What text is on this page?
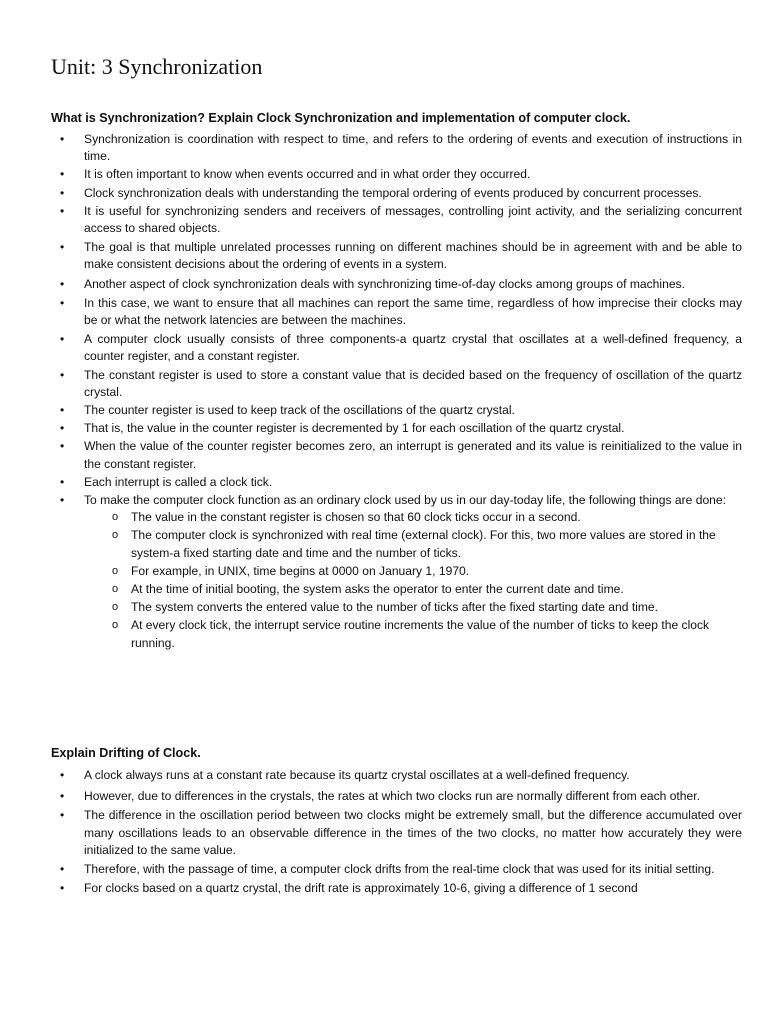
Unit: 3 Synchronization
What is Synchronization? Explain Clock Synchronization and implementation of computer clock.
• Synchronization is coordination with respect to time, and refers to the ordering of events and execution of instructions in time.
• It is often important to know when events occurred and in what order they occurred.
• Clock synchronization deals with understanding the temporal ordering of events produced by concurrent processes.
• It is useful for synchronizing senders and receivers of messages, controlling joint activity, and the serializing concurrent access to shared objects.
• The goal is that multiple unrelated processes running on different machines should be in agreement with and be able to make consistent decisions about the ordering of events in a system.
• Another aspect of clock synchronization deals with synchronizing time-of-day clocks among groups of machines.
• In this case, we want to ensure that all machines can report the same time, regardless of how imprecise their clocks may be or what the network latencies are between the machines.
• A computer clock usually consists of three components-a quartz crystal that oscillates at a well-defined frequency, a counter register, and a constant register.
• The constant register is used to store a constant value that is decided based on the frequency of oscillation of the quartz crystal.
• The counter register is used to keep track of the oscillations of the quartz crystal.
• That is, the value in the counter register is decremented by 1 for each oscillation of the quartz crystal.
• When the value of the counter register becomes zero, an interrupt is generated and its value is reinitialized to the value in the constant register.
• Each interrupt is called a clock tick.
• To make the computer clock function as an ordinary clock used by us in our day-today life, the following things are done:
o The value in the constant register is chosen so that 60 clock ticks occur in a second.
o The computer clock is synchronized with real time (external clock). For this, two more values are stored in the system-a fixed starting date and time and the number of ticks.
o For example, in UNIX, time begins at 0000 on January 1, 1970.
o At the time of initial booting, the system asks the operator to enter the current date and time.
o The system converts the entered value to the number of ticks after the fixed starting date and time.
o At every clock tick, the interrupt service routine increments the value of the number of ticks to keep the clock running.
Explain Drifting of Clock.
• A clock always runs at a constant rate because its quartz crystal oscillates at a well-defined frequency.
• However, due to differences in the crystals, the rates at which two clocks run are normally different from each other.
• The difference in the oscillation period between two clocks might be extremely small, but the difference accumulated over many oscillations leads to an observable difference in the times of the two clocks, no matter how accurately they were initialized to the same value.
• Therefore, with the passage of time, a computer clock drifts from the real-time clock that was used for its initial setting.
• For clocks based on a quartz crystal, the drift rate is approximately 10-6, giving a difference of 1 second
